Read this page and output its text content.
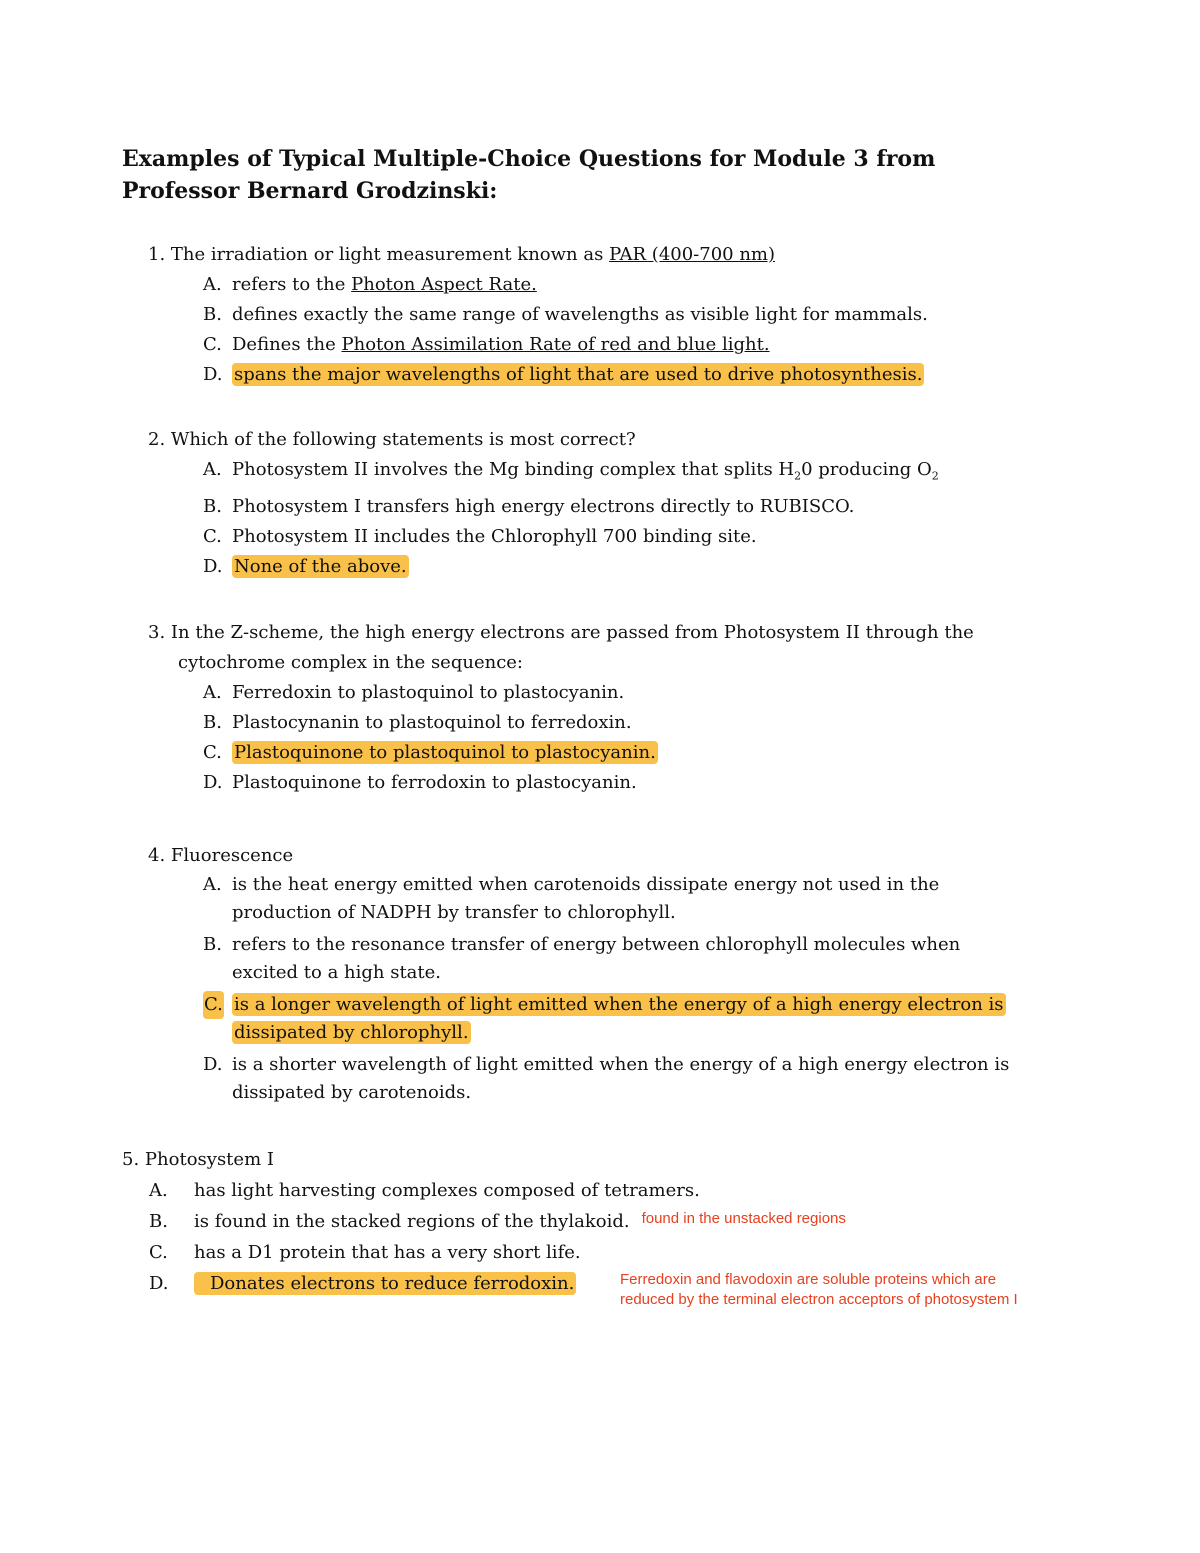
Examples of Typical Multiple-Choice Questions for Module 3 from
Professor Bernard Grodzinski:
1. The irradiation or light measurement known as PAR (400-700 nm)
A. refers to the Photon Aspect Rate.
B. defines exactly the same range of wavelengths as visible light for mammals.
C. Defines the Photon Assimilation Rate of red and blue light.
D. spans the major wavelengths of light that are used to drive photosynthesis.
2. Which of the following statements is most correct?
A. Photosystem II involves the Mg binding complex that splits $H_20$ producing $O_2$
B. Photosystem I transfers high energy electrons directly to RUBISCO.
C. Photosystem II includes the Chlorophyll 700 binding site.
D. None of the above.
3. In the Z-scheme, the high energy electrons are passed from Photosystem II through the
cytochrome complex in the sequence:
A. Ferredoxin to plastoquinol to plastocyanin.
B. Plastocynanin to plastoquinol to ferredoxin.
C. Plastoquinone to plastoquinol to plastocyanin.
D. Plastoquinone to ferrodoxin to plastocyanin.
4. Fluorescence
A. is the heat energy emitted when carotenoids dissipate energy not used in the
production of NADPH by transfer to chlorophyll.
B. refers to the resonance transfer of energy between chlorophyll molecules when
excited to a high state.
C. is a longer wavelength of light emitted when the energy of a high energy electron is
dissipated by chlorophyll.
D. is a shorter wavelength of light emitted when the energy of a high energy electron is
dissipated by carotenoids.
5. Photosystem I
A. has light harvesting complexes composed of tetramers.
B. is found in the stacked regions of the thylakoid. $^{found in the unstacked regions}$
C. has a D1 protein that has a very short life.
D. Donates electrons to reduce ferrodoxin.	Ferredoxin and flavodoxin are soluble proteins which are
reduced by the terminal electron acceptors of photosystem I
